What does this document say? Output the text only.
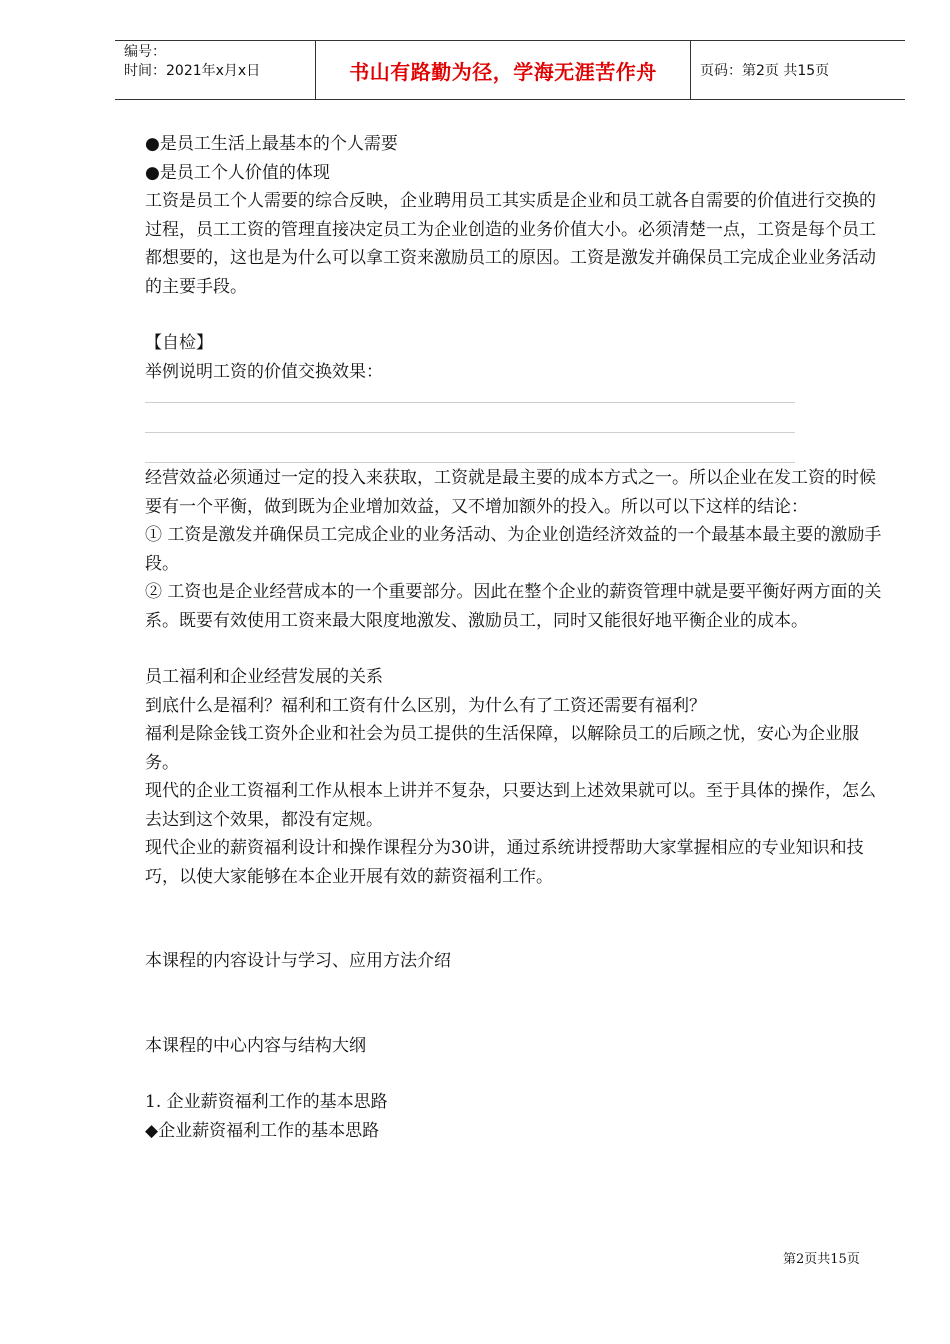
编号：
时间：2021年x月x日	书山有路勤为径，学海无涯苦作舟	页码：第2页 共15页

●是员工生活上最基本的个人需要

●是员工个人价值的体现

工资是员工个人需要的综合反映，企业聘用员工其实质是企业和员工就各自需要的价值进行交换的过程，员工工资的管理直接决定员工为企业创造的业务价值大小。必须清楚一点，工资是每个员工都想要的，这也是为什么可以拿工资来激励员工的原因。工资是激发并确保员工完成企业业务活动的主要手段。

【自检】

举例说明工资的价值交换效果：

经营效益必须通过一定的投入来获取，工资就是最主要的成本方式之一。所以企业在发工资的时候要有一个平衡，做到既为企业增加效益，又不增加额外的投入。所以可以下这样的结论：

① 工资是激发并确保员工完成企业的业务活动、为企业创造经济效益的一个最基本最主要的激励手段。

② 工资也是企业经营成本的一个重要部分。因此在整个企业的薪资管理中就是要平衡好两方面的关系。既要有效使用工资来最大限度地激发、激励员工，同时又能很好地平衡企业的成本。

员工福利和企业经营发展的关系

到底什么是福利？福利和工资有什么区别，为什么有了工资还需要有福利？

福利是除金钱工资外企业和社会为员工提供的生活保障，以解除员工的后顾之忧，安心为企业服务。

现代的企业工资福利工作从根本上讲并不复杂，只要达到上述效果就可以。至于具体的操作，怎么去达到这个效果，都没有定规。

现代企业的薪资福利设计和操作课程分为30讲，通过系统讲授帮助大家掌握相应的专业知识和技巧，以使大家能够在本企业开展有效的薪资福利工作。

本课程的内容设计与学习、应用方法介绍

本课程的中心内容与结构大纲

1. 企业薪资福利工作的基本思路

◆企业薪资福利工作的基本思路

第2页共15页
